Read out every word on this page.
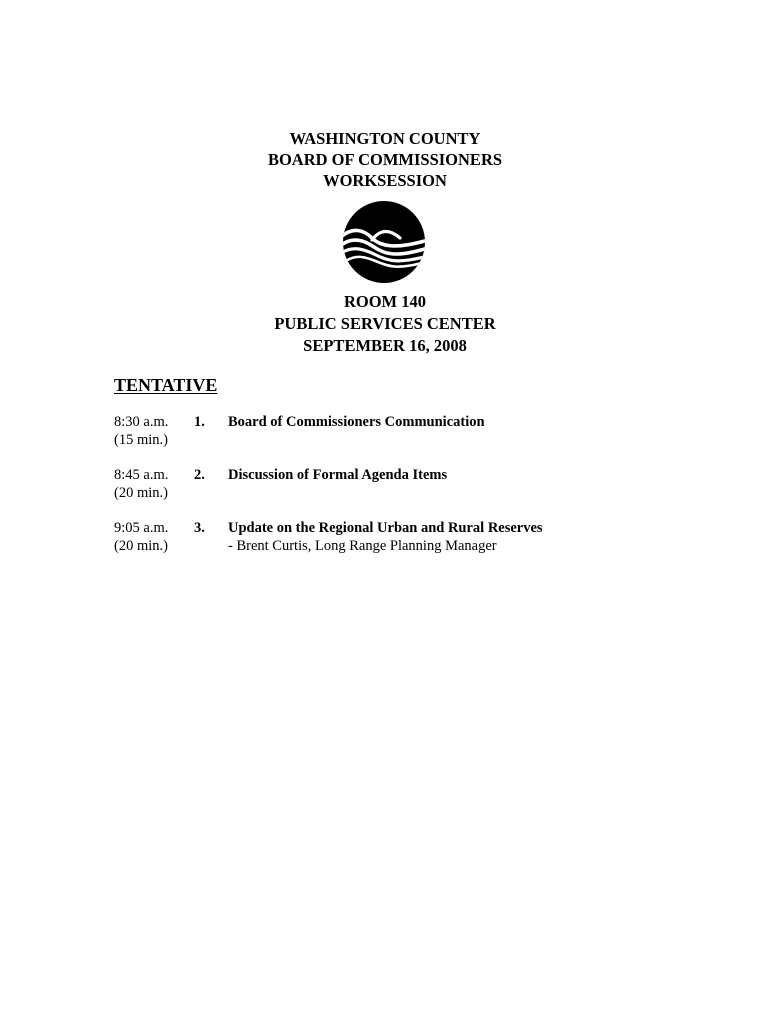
WASHINGTON COUNTY
BOARD OF COMMISSIONERS
WORKSESSION
ROOM 140
PUBLIC SERVICES CENTER
SEPTEMBER 16, 2008
TENTATIVE
8:30 a.m.
(15 min.)
1. Board of Commissioners Communication
8:45 a.m.
(20 min.)
2. Discussion of Formal Agenda Items
9:05 a.m.
(20 min.)
3. Update on the Regional Urban and Rural Reserves
- Brent Curtis, Long Range Planning Manager
